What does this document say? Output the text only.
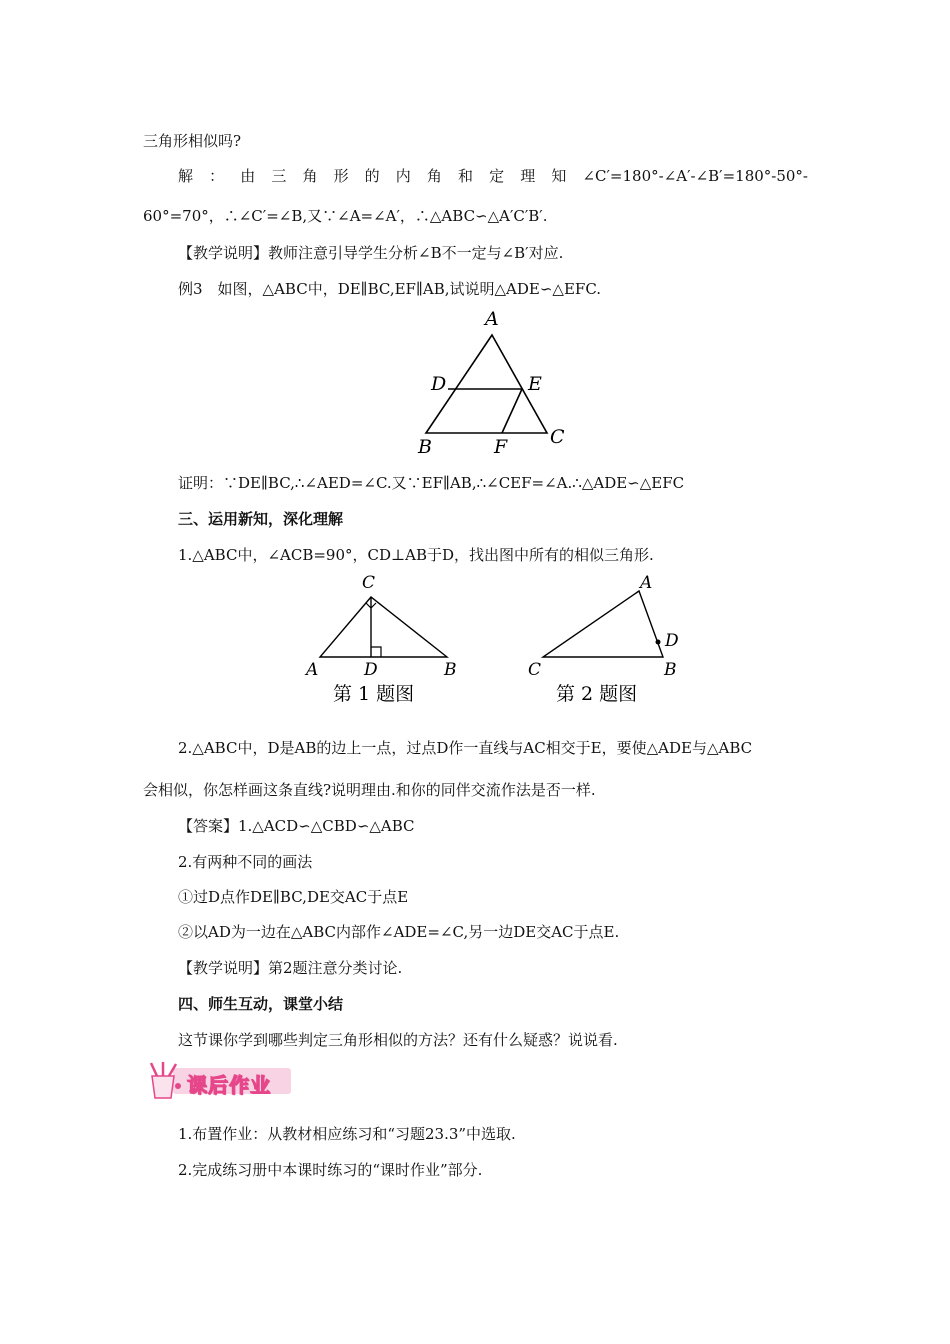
三角形相似吗?
解：由三角形的内角和定理知∠C′=180°-∠A′-∠B′=180°-50°-
60°=70°，∴∠C′=∠B,又∵∠A=∠A′，∴△ABC∽△A′C′B′.
【教学说明】教师注意引导学生分析∠B不一定与∠B′对应.
例3　如图，△ABC中，DE∥BC,EF∥AB,试说明△ADE∽△EFC.
A
D	E
B	F C
证明：∵DE∥BC,∴∠AED=∠C.又∵EF∥AB,∴∠CEF=∠A.∴△ADE∽△EFC
三、运用新知，深化理解
1.△ABC中，∠ACB=90°，CD⊥AB于D，找出图中所有的相似三角形.
C
A	D	B
第 1 题图
A
D
C	B
第 2 题图
2.△ABC中，D是AB的边上一点，过点D作一直线与AC相交于E，要使△ADE与△ABC
会相似，你怎样画这条直线?说明理由.和你的同伴交流作法是否一样.
【答案】1.△ACD∽△CBD∽△ABC
2.有两种不同的画法
①过D点作DE∥BC,DE交AC于点E
②以AD为一边在△ABC内部作∠ADE=∠C,另一边DE交AC于点E.
【教学说明】第2题注意分类讨论.
四、师生互动，课堂小结
这节课你学到哪些判定三角形相似的方法？还有什么疑惑？说说看.
课后作业
1.布置作业：从教材相应练习和“习题23.3”中选取.
2.完成练习册中本课时练习的“课时作业”部分.
